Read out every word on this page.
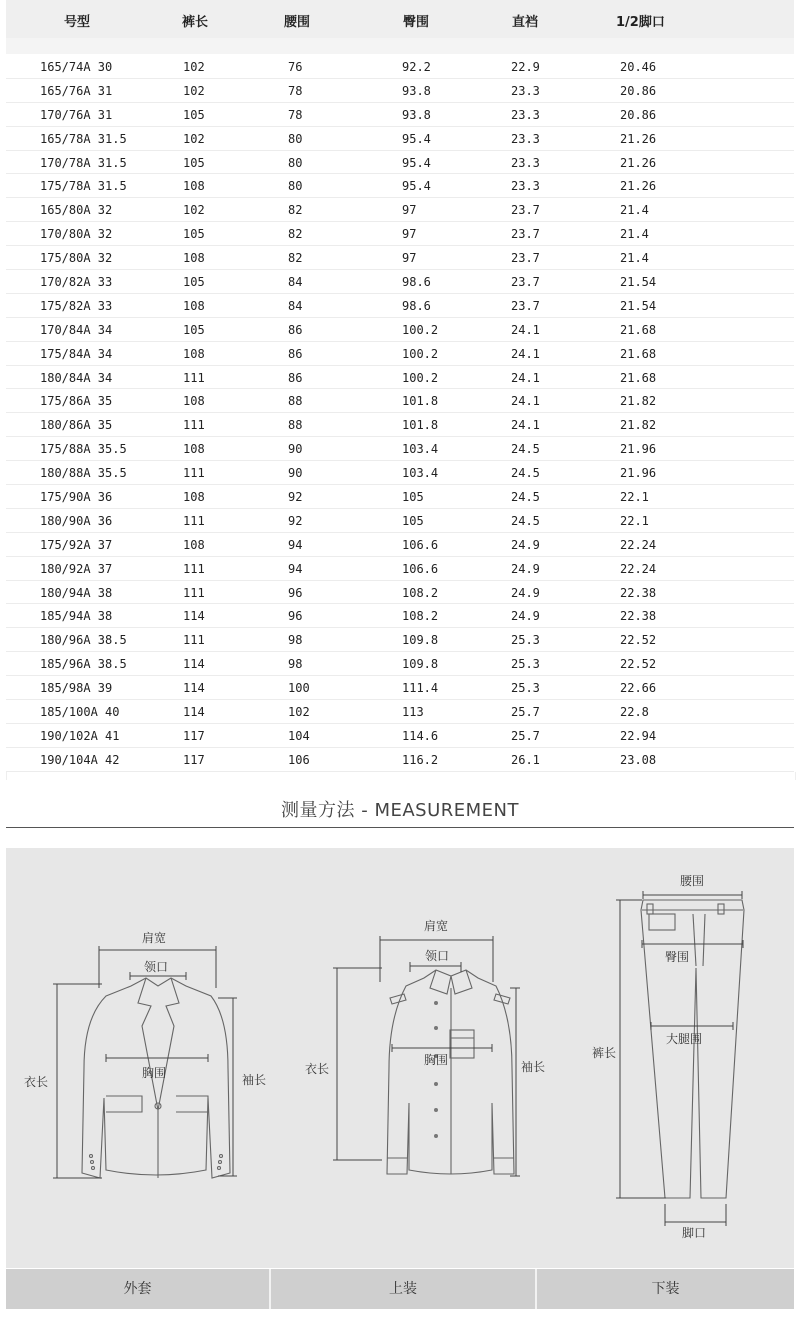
号型	裤长	腰围	臀围	直裆	1/2脚口
165/74A 30	102	76	92.2	22.9	20.46
165/76A 31	102	78	93.8	23.3	20.86
170/76A 31	105	78	93.8	23.3	20.86
165/78A 31.5	102	80	95.4	23.3	21.26
170/78A 31.5	105	80	95.4	23.3	21.26
175/78A 31.5	108	80	95.4	23.3	21.26
165/80A 32	102	82	97	23.7	21.4
170/80A 32	105	82	97	23.7	21.4
175/80A 32	108	82	97	23.7	21.4
170/82A 33	105	84	98.6	23.7	21.54
175/82A 33	108	84	98.6	23.7	21.54
170/84A 34	105	86	100.2	24.1	21.68
175/84A 34	108	86	100.2	24.1	21.68
180/84A 34	111	86	100.2	24.1	21.68
175/86A 35	108	88	101.8	24.1	21.82
180/86A 35	111	88	101.8	24.1	21.82
175/88A 35.5	108	90	103.4	24.5	21.96
180/88A 35.5	111	90	103.4	24.5	21.96
175/90A 36	108	92	105	24.5	22.1
180/90A 36	111	92	105	24.5	22.1
175/92A 37	108	94	106.6	24.9	22.24
180/92A 37	111	94	106.6	24.9	22.24
180/94A 38	111	96	108.2	24.9	22.38
185/94A 38	114	96	108.2	24.9	22.38
180/96A 38.5	111	98	109.8	25.3	22.52
185/96A 38.5	114	98	109.8	25.3	22.52
185/98A 39	114	100	111.4	25.3	22.66
185/100A 40	114	102	113	25.7	22.8
190/102A 41	117	104	114.6	25.7	22.94
190/104A 42	117	106	116.2	26.1	23.08
测量方法 - MEASUREMENT
肩宽
领口
胸围
衣长	袖长
肩宽
领口
胸围
衣长	袖长
腰围
臀围
大腿围
裤长
脚口
外套	上装	下装
